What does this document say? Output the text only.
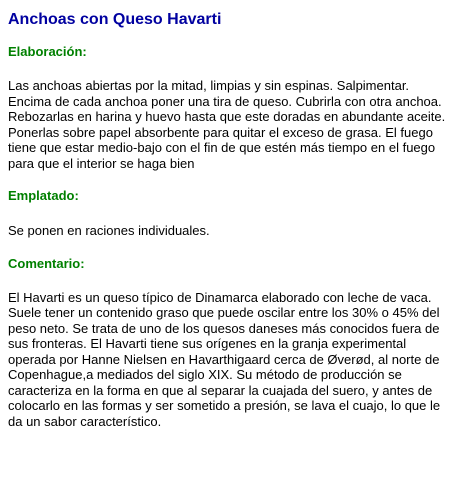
Anchoas con Queso Havarti
Elaboración:

Las anchoas abiertas por la mitad, limpias y sin espinas. Salpimentar. Encima de cada anchoa poner una tira de queso. Cubrirla con otra anchoa. Rebozarlas en harina y huevo hasta que este doradas en abundante aceite. Ponerlas sobre papel absorbente para quitar el exceso de grasa. El fuego tiene que estar medio-bajo con el fin de que estén más tiempo en el fuego para que el interior se haga bien

Emplatado:

Se ponen en raciones individuales.

Comentario:

El Havarti es un queso típico de Dinamarca elaborado con leche de vaca. Suele tener un contenido graso que puede oscilar entre los 30% o 45% del peso neto. Se trata de uno de los quesos daneses más conocidos fuera de sus fronteras. El Havarti tiene sus orígenes en la granja experimental operada por Hanne Nielsen en Havarthigaard cerca de Øverød, al norte de Copenhague,a mediados del siglo XIX. Su método de producción se caracteriza en la forma en que al separar la cuajada del suero, y antes de colocarlo en las formas y ser sometido a presión, se lava el cuajo, lo que le da un sabor característico.
